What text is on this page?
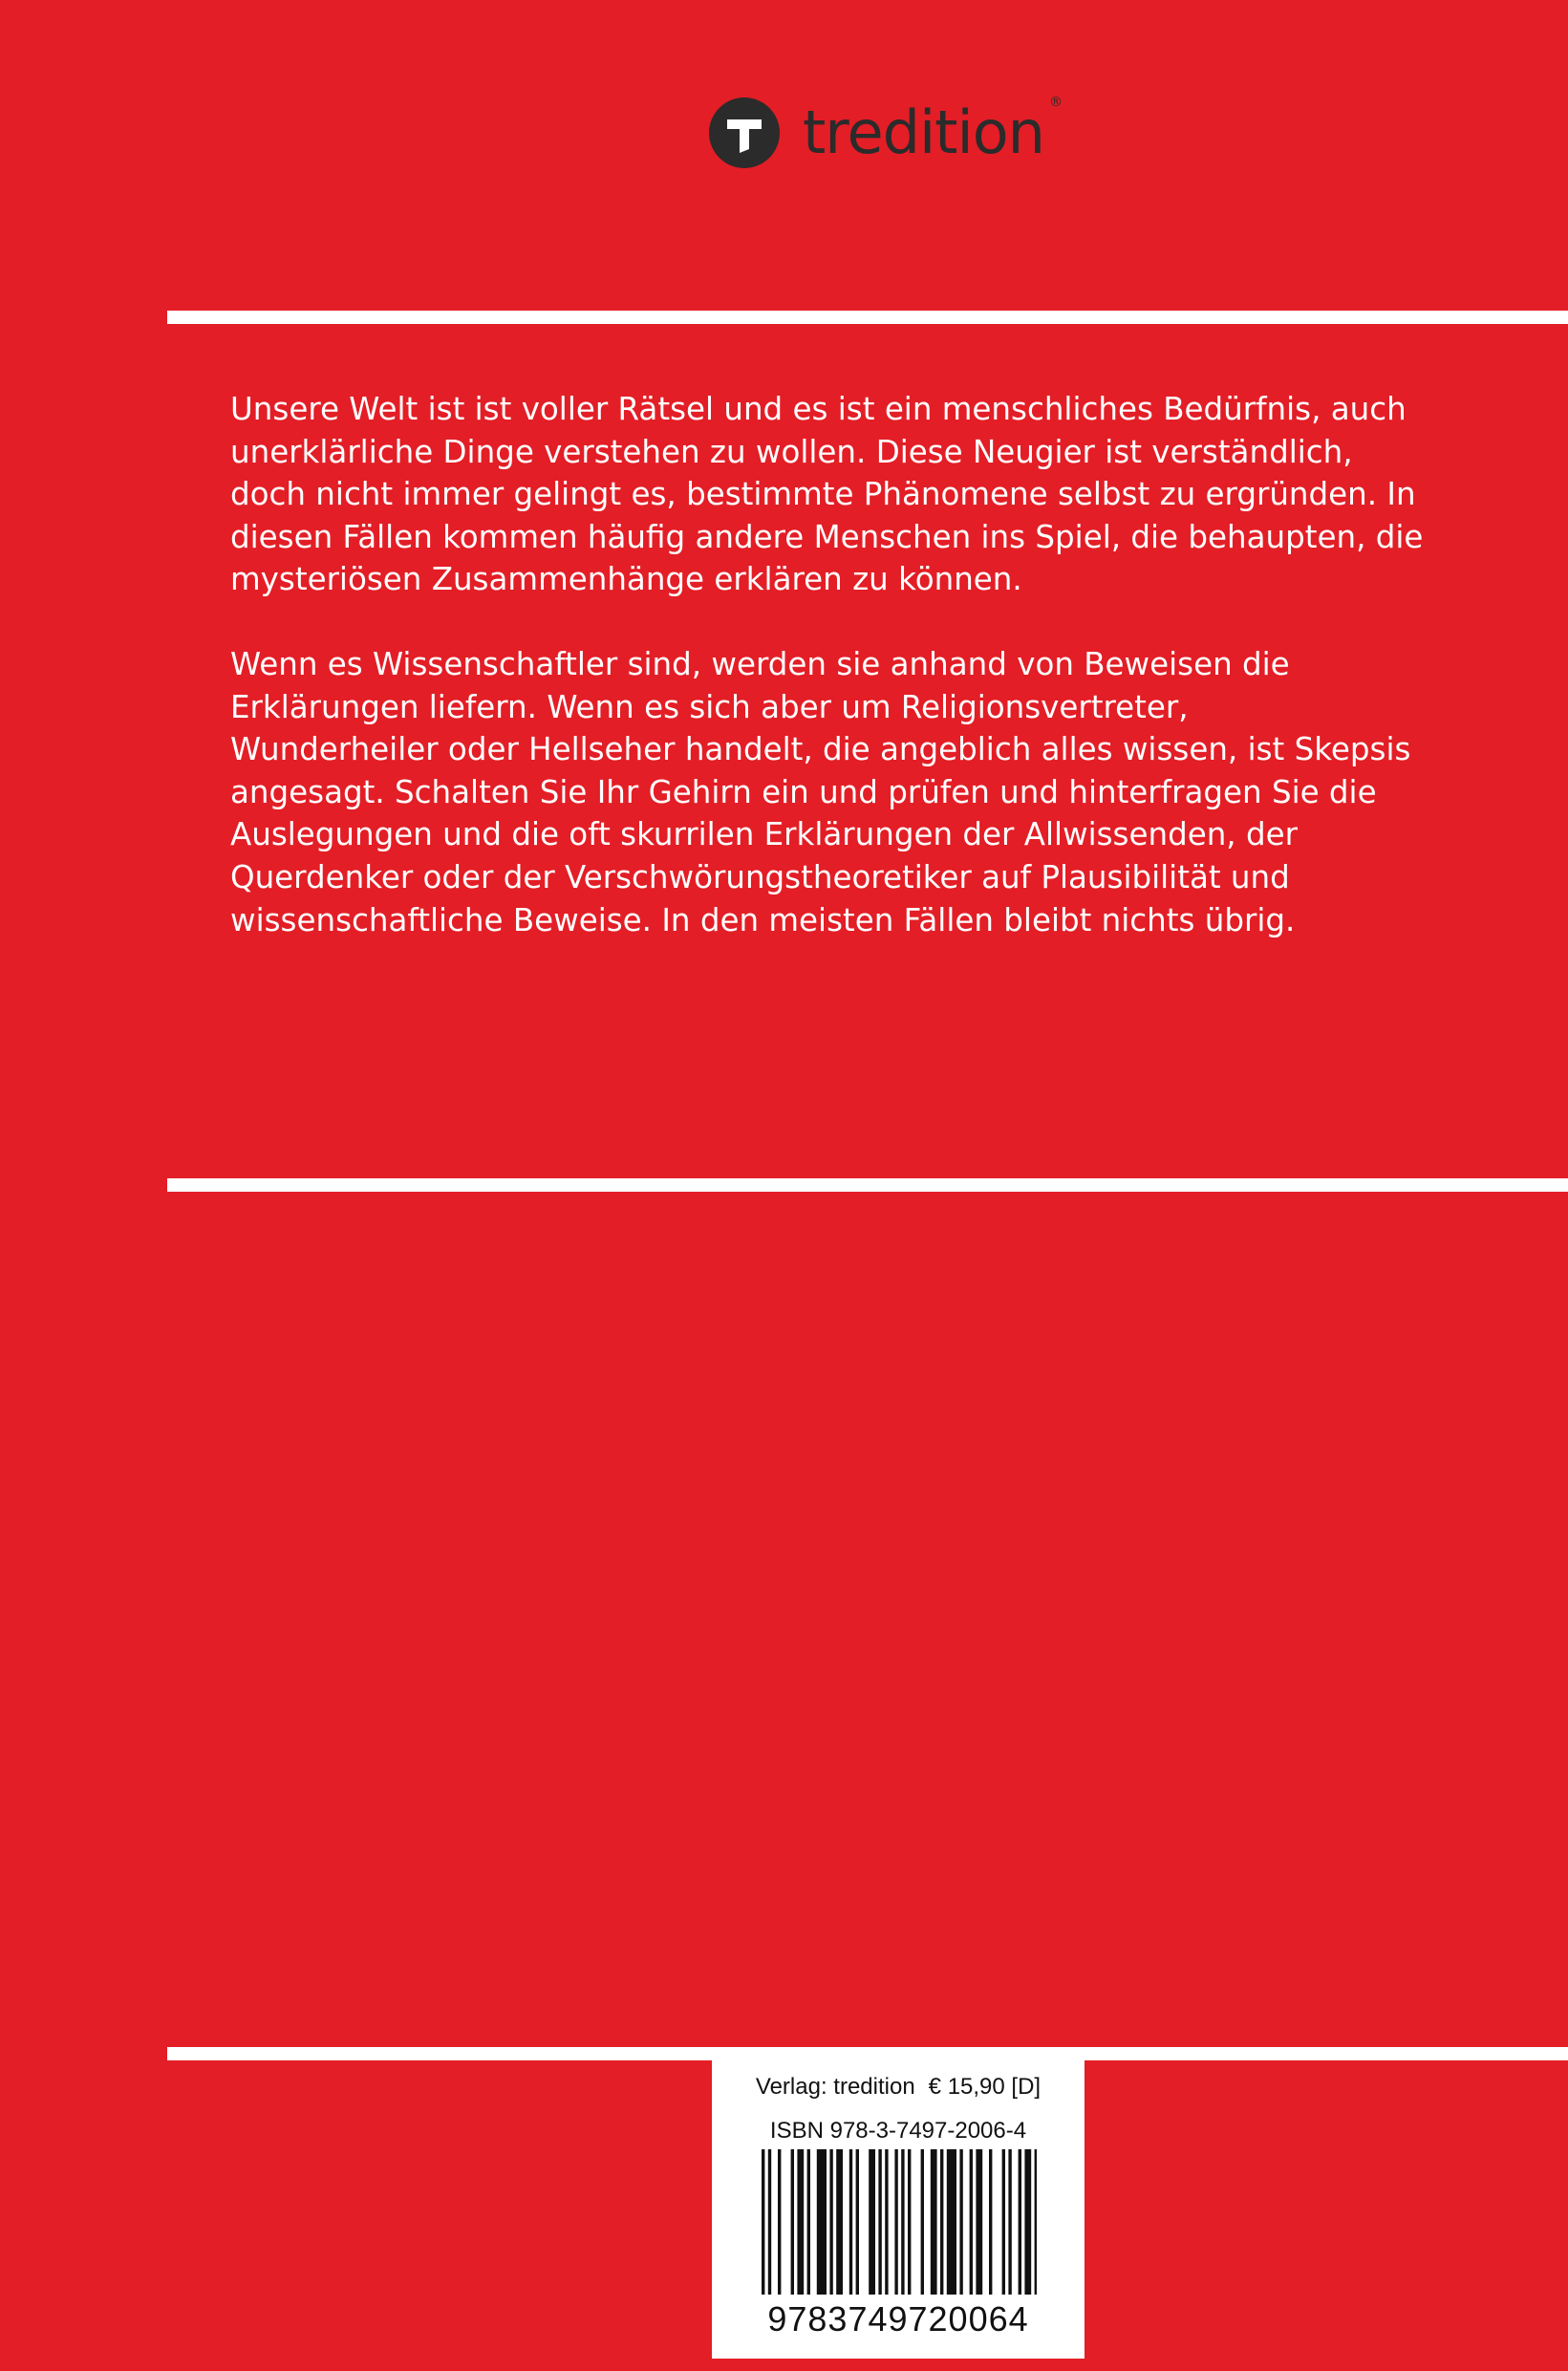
tredition ®

Unsere Welt ist ist voller Rätsel und es ist ein menschliches Bedürfnis, auch
unerklärliche Dinge verstehen zu wollen. Diese Neugier ist verständlich,
doch nicht immer gelingt es, bestimmte Phänomene selbst zu ergründen. In
diesen Fällen kommen häufig andere Menschen ins Spiel, die behaupten, die
mysteriösen Zusammenhänge erklären zu können.

Wenn es Wissenschaftler sind, werden sie anhand von Beweisen die
Erklärungen liefern. Wenn es sich aber um Religionsvertreter,
Wunderheiler oder Hellseher handelt, die angeblich alles wissen, ist Skepsis
angesagt. Schalten Sie Ihr Gehirn ein und prüfen und hinterfragen Sie die
Auslegungen und die oft skurrilen Erklärungen der Allwissenden, der
Querdenker oder der Verschwörungstheoretiker auf Plausibilität und
wissenschaftliche Beweise. In den meisten Fällen bleibt nichts übrig.

Verlag: tredition € 15,90 [D]
ISBN 978-3-7497-2006-4
9783749720064
